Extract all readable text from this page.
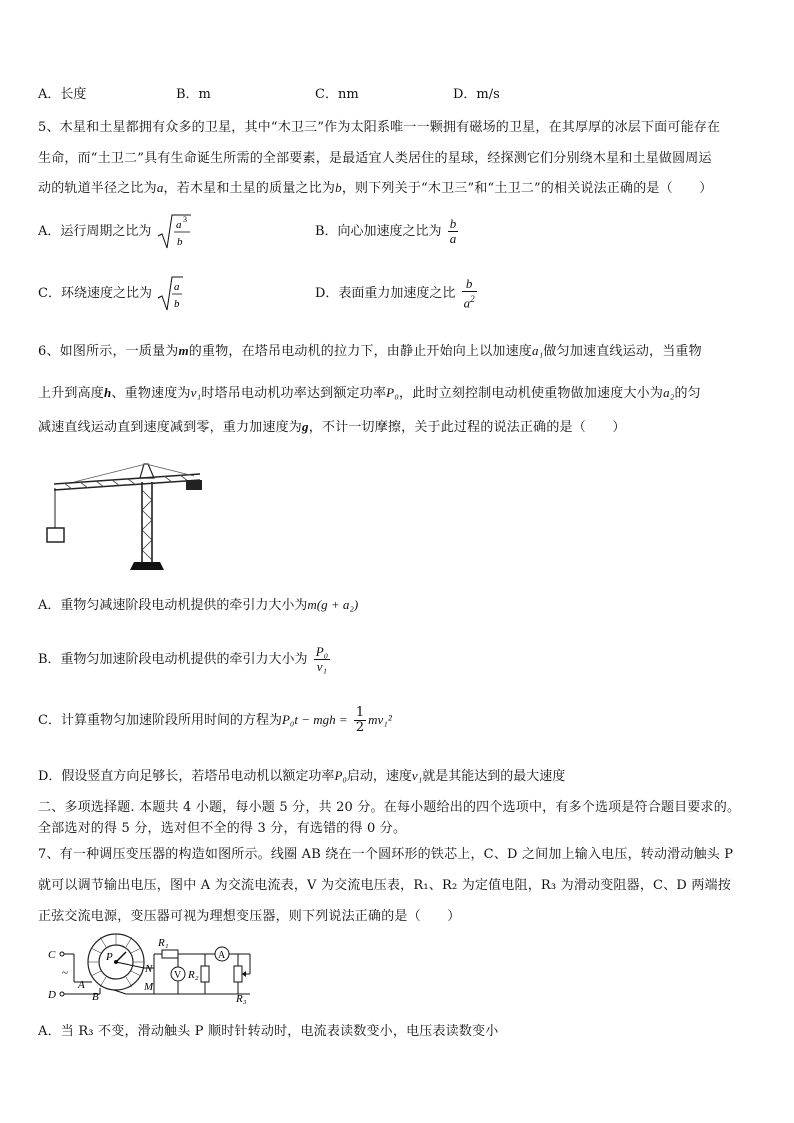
A．长度	B．m	C．nm	D．m/s
5、木星和土星都拥有众多的卫星，其中“木卫三”作为太阳系唯一一颗拥有磁场的卫星，在其厚厚的冰层下面可能存在
生命，而“土卫二”具有生命诞生所需的全部要素，是最适宜人类居住的星球，经探测它们分别绕木星和土星做圆周运
动的轨道半径之比为a，若木星和土星的质量之比为b，则下列关于“木卫三”和“土卫二”的相关说法正确的是（　　）
A．运行周期之比为 a 3
b
B．向心加速度之比为 $\frac{b}{a}$
C．环绕速度之比为 a
b
D．表面重力加速度之比 $\frac{b}{a^2}$
6、如图所示，一质量为m的重物，在塔吊电动机的拉力下，由静止开始向上以加速度a₁做匀加速直线运动，当重物
上升到高度h、重物速度为v₁时塔吊电动机功率达到额定功率P₀，此时立刻控制电动机使重物做加速度大小为a₂的匀
减速直线运动直到速度减到零，重力加速度为g，不计一切摩擦，关于此过程的说法正确的是（　　）
A．重物匀减速阶段电动机提供的牵引力大小为m(g + a₂)
B．重物匀加速阶段电动机提供的牵引力大小为 $\frac{\text{P₀}}{\text{v₁}}$
C．计算重物匀加速阶段所用时间的方程为P₀t − mgh = $\frac{1}{2} mv_1^2$
D．假设竖直方向足够长，若塔吊电动机以额定功率P₀启动，速度v₁就是其能达到的最大速度
二、多项选择题. 本题共 4 小题，每小题 5 分，共 20 分。在每小题给出的四个选项中，有多个选项是符合题目要求的。
全部选对的得 5 分，选对但不全的得 3 分，有选错的得 0 分。
7、有一种调压变压器的构造如图所示。线圈 AB 绕在一个圆环形的铁芯上，C、D 之间加上输入电压，转动滑动触头 P
就可以调节输出电压，图中 A 为交流电流表，V 为交流电压表，R₁、R₂ 为定值电阻，R₃ 为滑动变阻器，C、D 两端按
正弦交流电源，变压器可视为理想变压器，则下列说法正确的是（　　）
V
A
C
D
~
A
B
P
N
M
R₁
R₂
R₃
A．当 R₃ 不变，滑动触头 P 顺时针转动时，电流表读数变小，电压表读数变小
